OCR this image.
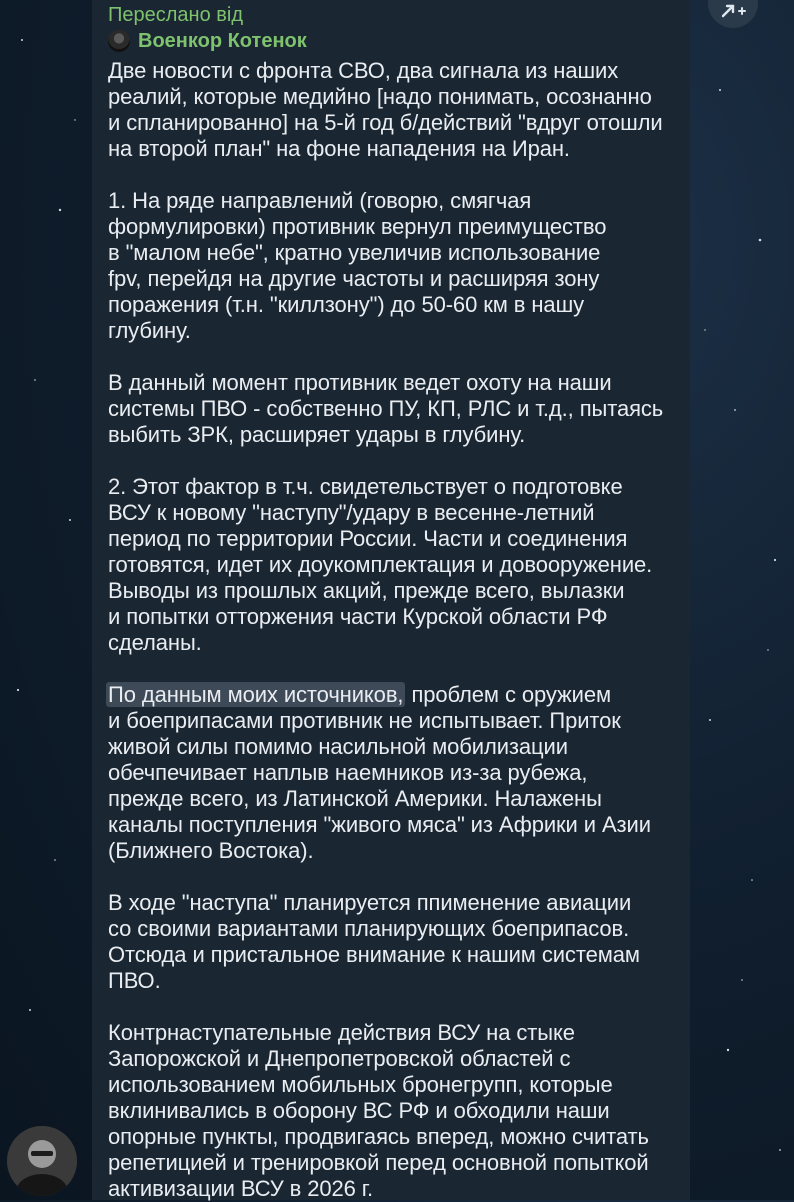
Переслано від
Военкор Котенок

Две новости с фронта СВО, два сигнала из наших
реалий, которые медийно [надо понимать, осознанно
и спланированно] на 5-й год б/действий "вдруг отошли
на второй план" на фоне нападения на Иран.

1. На ряде направлений (говорю, смягчая
формулировки) противник вернул преимущество
в "малом небе", кратно увеличив использование
fpv, перейдя на другие частоты и расширяя зону
поражения (т.н. "киллзону") до 50-60 км в нашу
глубину.

В данный момент противник ведет охоту на наши
системы ПВО - собственно ПУ, КП, РЛС и т.д., пытаясь
выбить ЗРК, расширяет удары в глубину.

2. Этот фактор в т.ч. свидетельствует о подготовке
ВСУ к новому "наступу"/удару в весенне-летний
период по территории России. Части и соединения
готовятся, идет их доукомплектация и довооружение.
Выводы из прошлых акций, прежде всего, вылазки
и попытки отторжения части Курской области РФ
сделаны.

По данным моих источников, проблем с оружием
и боеприпасами противник не испытывает. Приток
живой силы помимо насильной мобилизации
обечпечивает наплыв наемников из-за рубежа,
прежде всего, из Латинской Америки. Налажены
каналы поступления "живого мяса" из Африки и Азии
(Ближнего Востока).

В ходе "наступа" планируется ппименение авиации
со своими вариантами планирующих боеприпасов.
Отсюда и пристальное внимание к нашим системам
ПВО.

Контрнаступательные действия ВСУ на стыке
Запорожской и Днепропетровской областей с
использованием мобильных бронегрупп, которые
вклинивались в оборону ВС РФ и обходили наши
опорные пункты, продвигаясь вперед, можно считать
репетицией и тренировкой перед основной попыткой
активизации ВСУ в 2026 г.
